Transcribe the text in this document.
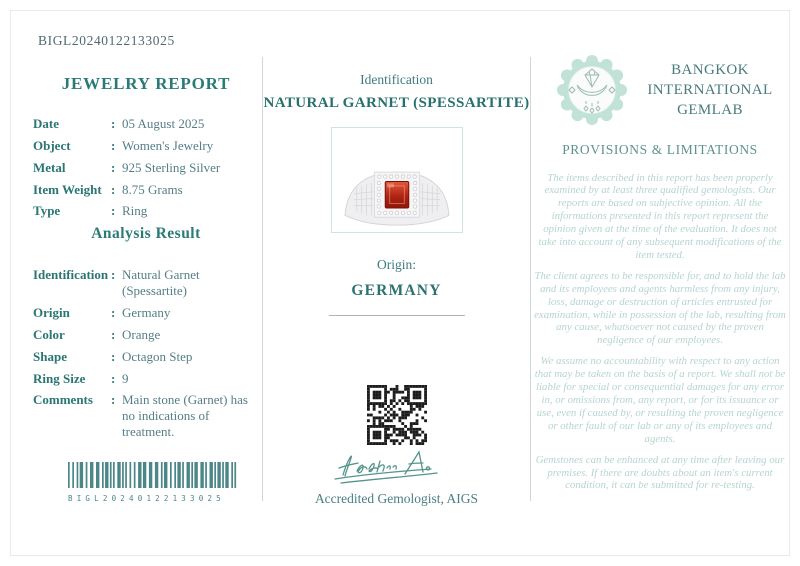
BIGL20240122133025
JEWELRY REPORT
Date	: 05 August 2025
Object	: Women's Jewelry
Metal	: 925 Sterling Silver
Item Weight : 8.75 Grams
Type	: Ring
Analysis Result
Identification : Natural Garnet (Spessartite)
Origin	: Germany
Color	: Orange
Shape	: Octagon Step
Ring Size	: 9
Comments	: Main stone (Garnet) has no indications of treatment.
BIGL20240122133025
Identification
NATURAL GARNET (SPESSARTITE)
Origin:
GERMANY
Accredited Gemologist, AIGS
BANGKOK
INTERNATIONAL
GEMLAB
PROVISIONS & LIMITATIONS

The items described in this report has been properly examined by at least three qualified gemologists. Our reports are based on subjective opinion. All the informations presented in this report represent the opinion given at the time of the evaluation. It does not take into account of any subsequent modifications of the item tested.

The client agrees to be responsible for, and to hold the lab and its employees and agents harmless from any injury, loss, damage or destruction of articles entrusted for examination, while in possession of the lab, resulting from any cause, whatsoever not caused by the proven negligence of our employees.

We assume no accountability with respect to any action that may be taken on the basis of a report. We shall not be liable for special or consequential damages for any error in, or omissions from, any report, or for its issuance or use, even if caused by, or resulting the proven negligence or other fault of our lab or any of its employees and agents.

Gemstones can be enhanced at any time after leaving our premises. If there are doubts about an item's current condition, it can be submitted for re-testing.
